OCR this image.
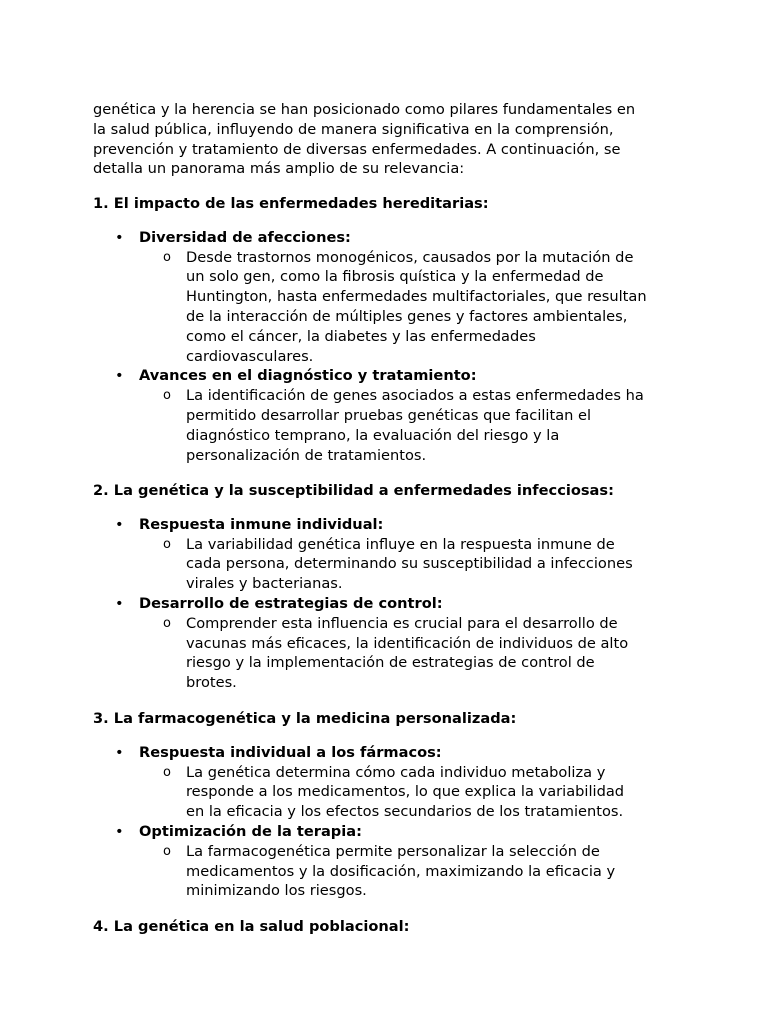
genética y la herencia se han posicionado como pilares fundamentales en
la salud pública, influyendo de manera significativa en la comprensión,
prevención y tratamiento de diversas enfermedades. A continuación, se
detalla un panorama más amplio de su relevancia:

1. El impacto de las enfermedades hereditarias:
• Diversidad de afecciones:
o Desde trastornos monogénicos, causados por la mutación de
un solo gen, como la fibrosis quística y la enfermedad de
Huntington, hasta enfermedades multifactoriales, que resultan
de la interacción de múltiples genes y factores ambientales,
como el cáncer, la diabetes y las enfermedades
cardiovasculares.
• Avances en el diagnóstico y tratamiento:
o La identificación de genes asociados a estas enfermedades ha
permitido desarrollar pruebas genéticas que facilitan el
diagnóstico temprano, la evaluación del riesgo y la
personalización de tratamientos.
2. La genética y la susceptibilidad a enfermedades infecciosas:
• Respuesta inmune individual:
o La variabilidad genética influye en la respuesta inmune de
cada persona, determinando su susceptibilidad a infecciones
virales y bacterianas.
• Desarrollo de estrategias de control:
o Comprender esta influencia es crucial para el desarrollo de
vacunas más eficaces, la identificación de individuos de alto
riesgo y la implementación de estrategias de control de
brotes.
3. La farmacogenética y la medicina personalizada:
• Respuesta individual a los fármacos:
o La genética determina cómo cada individuo metaboliza y
responde a los medicamentos, lo que explica la variabilidad
en la eficacia y los efectos secundarios de los tratamientos.
• Optimización de la terapia:
o La farmacogenética permite personalizar la selección de
medicamentos y la dosificación, maximizando la eficacia y
minimizando los riesgos.
4. La genética en la salud poblacional:
